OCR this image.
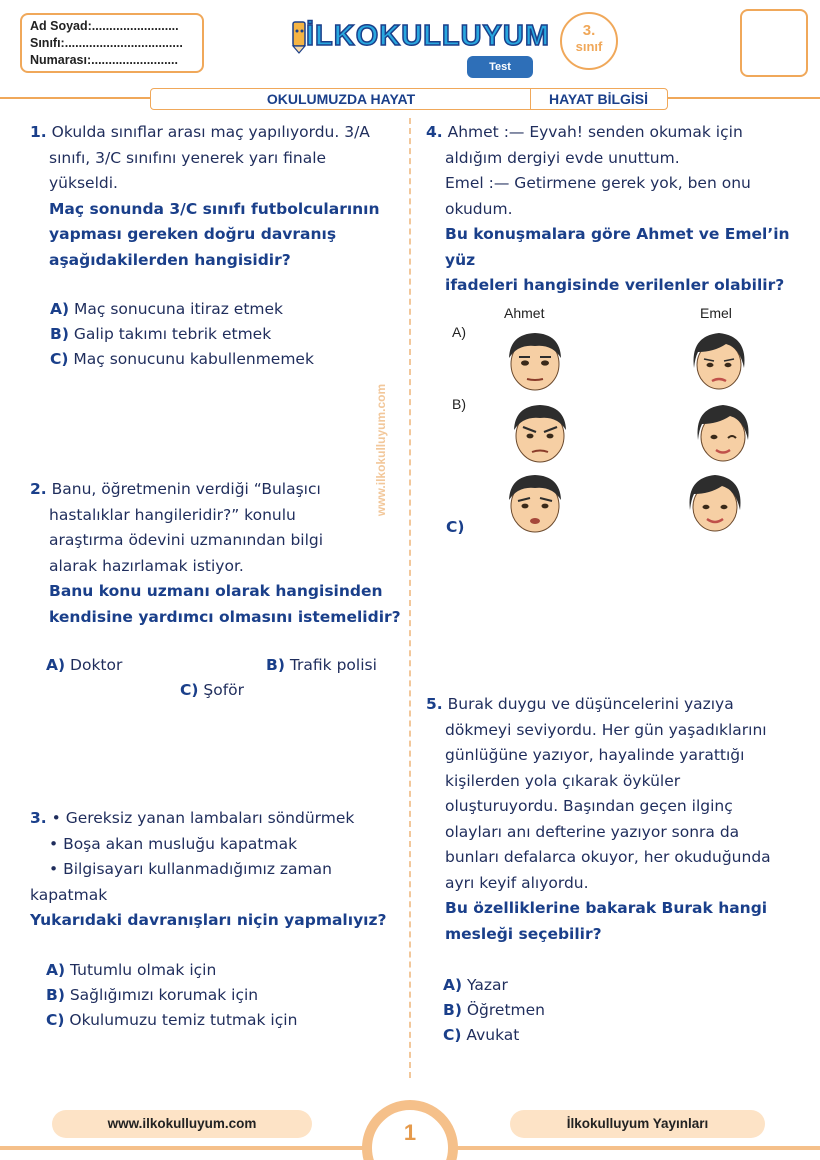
Ad Soyad:.........................
Sınıfı:..................................
Numarası:.........................
İLKOKULLUYUM
Test
3.
sınıf
OKULUMUZDA HAYAT	HAYAT BİLGİSİ
www.ilkokulluyum.com
1. Okulda sınıflar arası maç yapılıyordu. 3/A
sınıfı, 3/C sınıfını yenerek yarı finale
yükseldi.
Maç sonunda 3/C sınıfı futbolcularının
yapması gereken doğru davranış
aşağıdakilerden hangisidir?
A) Maç sonucuna itiraz etmek
B) Galip takımı tebrik etmek
C) Maç sonucunu kabullenmemek
2. Banu, öğretmenin verdiği “Bulaşıcı
hastalıklar hangileridir?” konulu
araştırma ödevini uzmanından bilgi
alarak hazırlamak istiyor.
Banu konu uzmanı olarak hangisinden
kendisine yardımcı olmasını istemelidir?
A) Doktor	B) Trafik polisi
C) Şoför
3. • Gereksiz yanan lambaları söndürmek
• Boşa akan musluğu kapatmak
• Bilgisayarı kullanmadığımız zaman
kapatmak
Yukarıdaki davranışları niçin yapmalıyız?
A) Tutumlu olmak için
B) Sağlığımızı korumak için
C) Okulumuzu temiz tutmak için
4. Ahmet :— Eyvah! senden okumak için
aldığım dergiyi evde unuttum.
Emel :— Getirmene gerek yok, ben onu
okudum.
Bu konuşmalara göre Ahmet ve Emel’in yüz
ifadeleri hangisinde verilenler olabilir?
Ahmet	Emel
A)
B)
C)
5. Burak duygu ve düşüncelerini yazıya
dökmeyi seviyordu. Her gün yaşadıklarını
günlüğüne yazıyor, hayalinde yarattığı
kişilerden yola çıkarak öyküler
oluşturuyordu. Başından geçen ilginç
olayları anı defterine yazıyor sonra da
bunları defalarca okuyor, her okuduğunda
ayrı keyif alıyordu.
Bu özelliklerine bakarak Burak hangi
mesleği seçebilir?
A) Yazar
B) Öğretmen
C) Avukat
1
www.ilkokulluyum.com	İlkokulluyum Yayınları
